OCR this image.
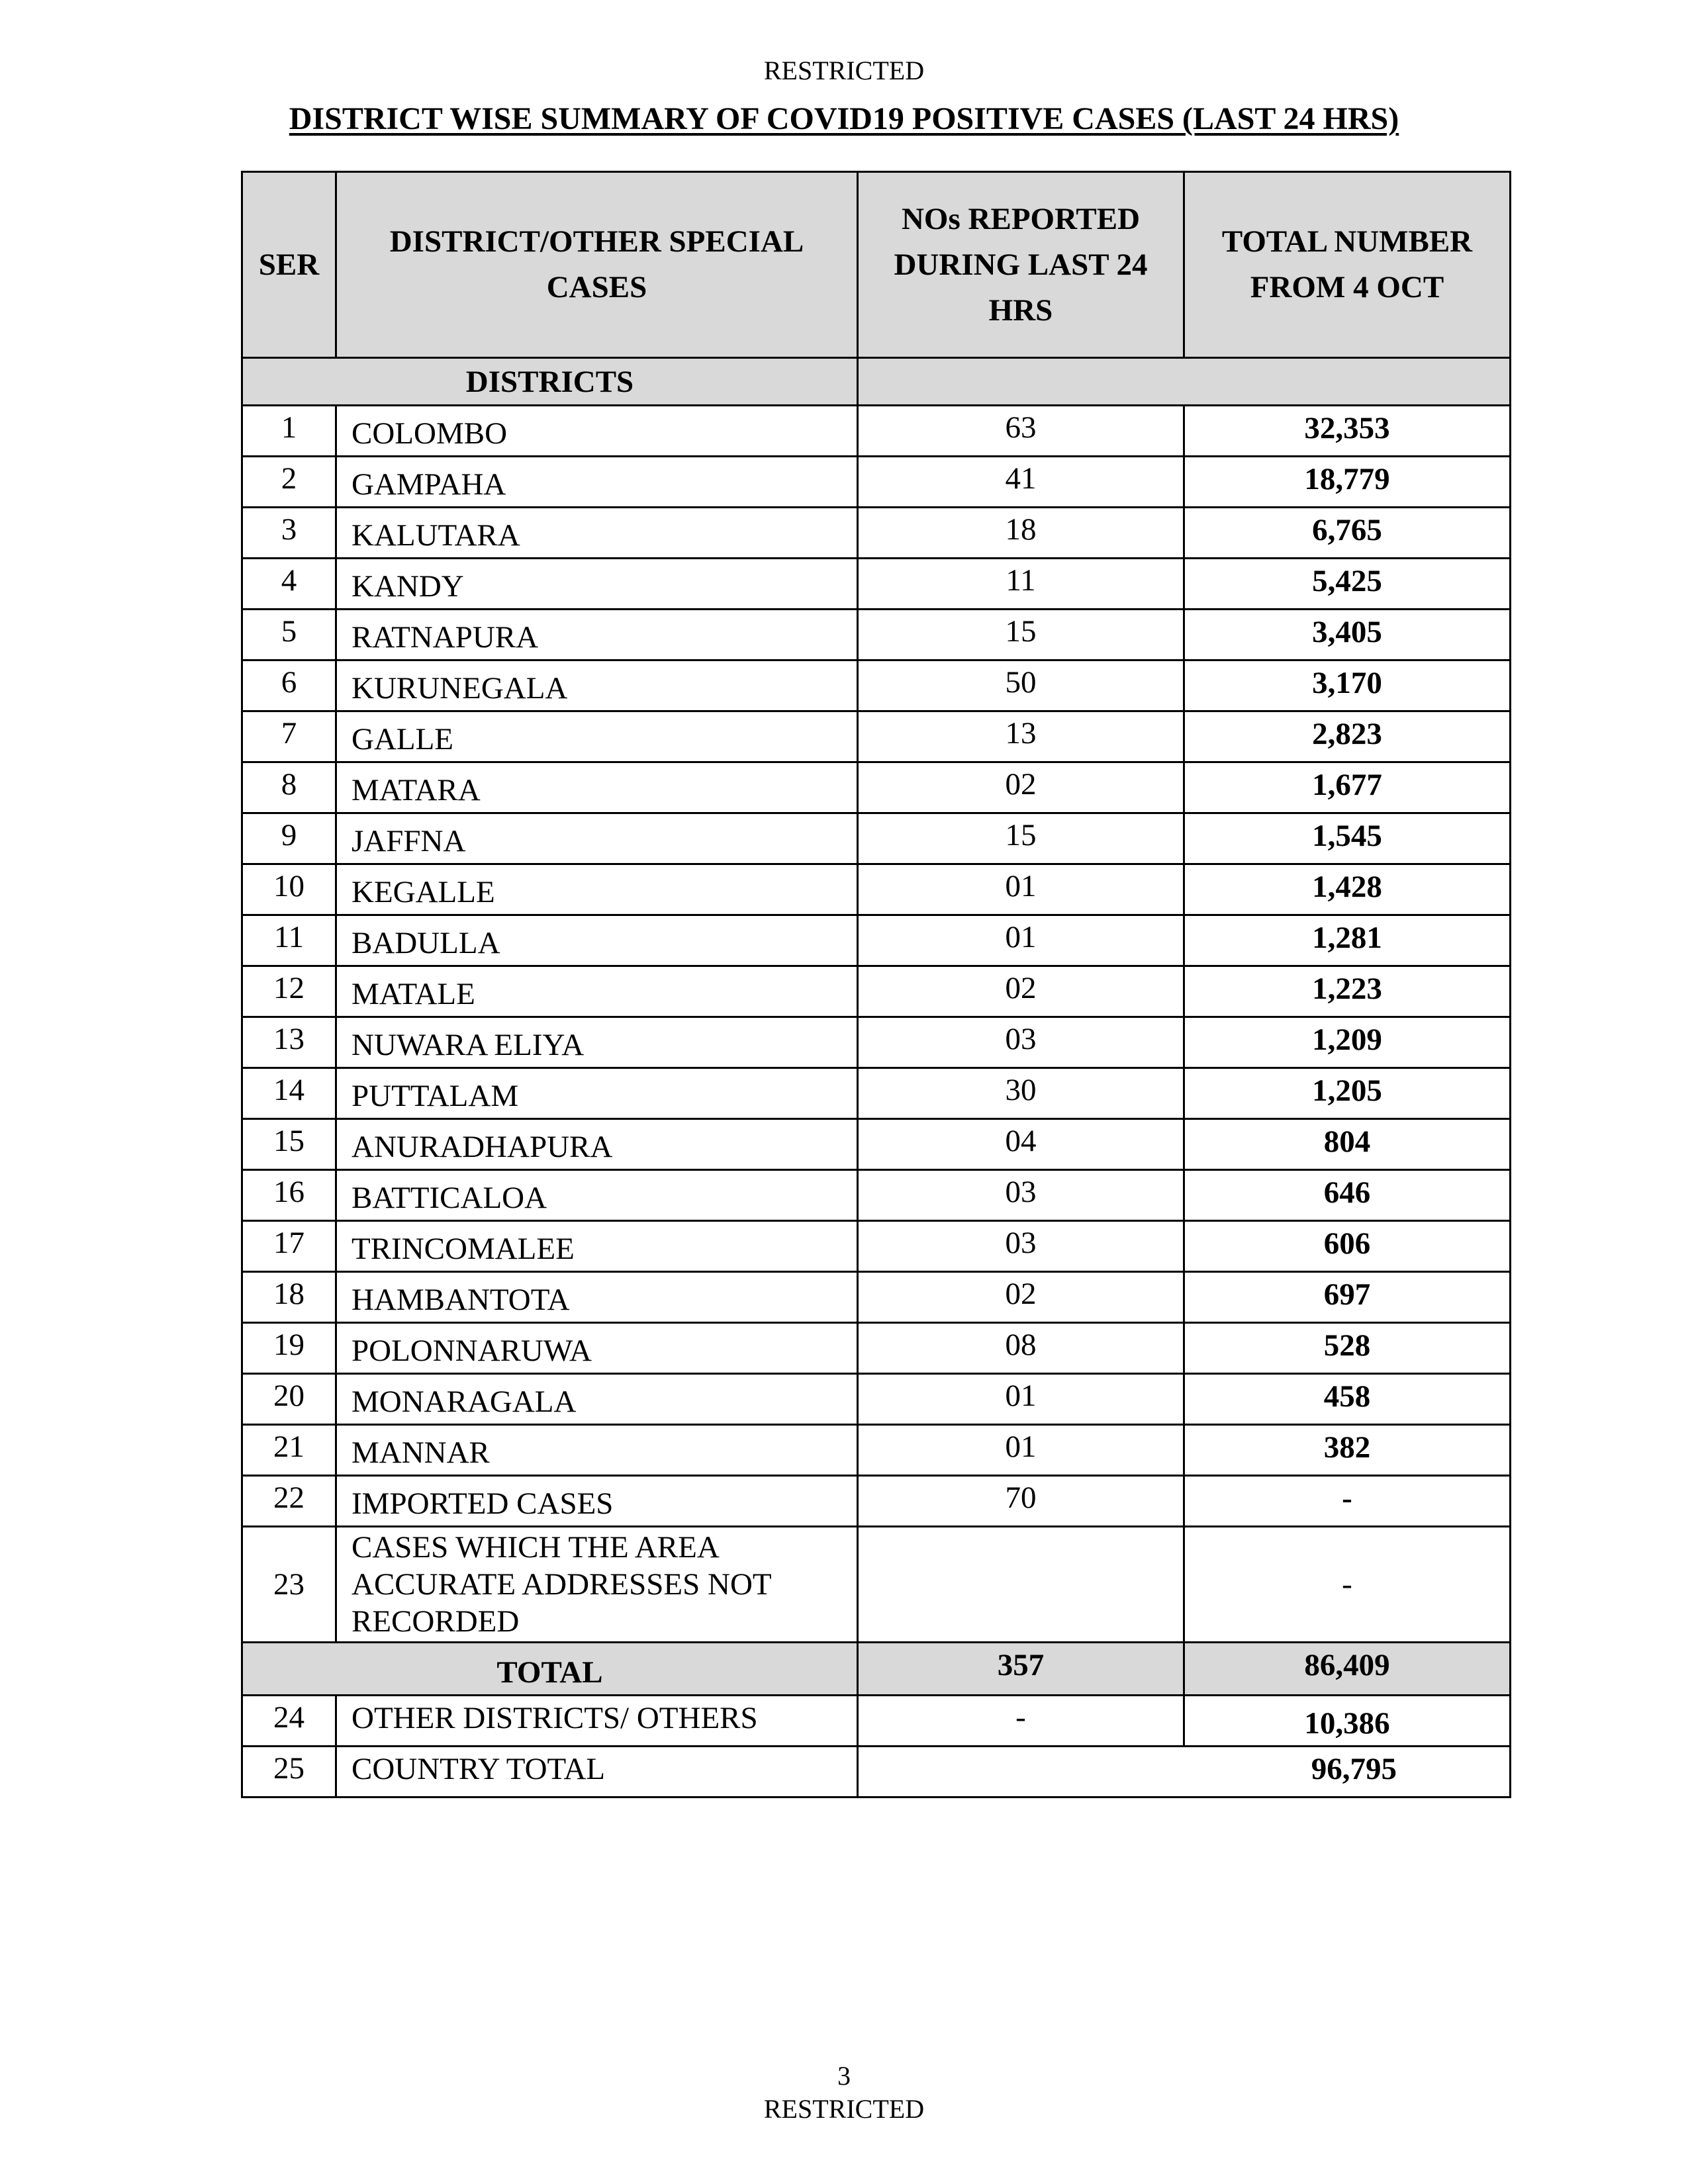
RESTRICTED
DISTRICT WISE SUMMARY OF COVID19 POSITIVE CASES (LAST 24 HRS)
SER	DISTRICT/OTHER SPECIAL CASES	NOs REPORTED DURING LAST 24 HRS	TOTAL NUMBER FROM 4 OCT
DISTRICTS			
1	COLOMBO	63	32,353
2	GAMPAHA	41	18,779
3	KALUTARA	18	6,765
4	KANDY	11	5,425
5	RATNAPURA	15	3,405
6	KURUNEGALA	50	3,170
7	GALLE	13	2,823
8	MATARA	02	1,677
9	JAFFNA	15	1,545
10	KEGALLE	01	1,428
11	BADULLA	01	1,281
12	MATALE	02	1,223
13	NUWARA ELIYA	03	1,209
14	PUTTALAM	30	1,205
15	ANURADHAPURA	04	804
16	BATTICALOA	03	646
17	TRINCOMALEE	03	606
18	HAMBANTOTA	02	697
19	POLONNARUWA	08	528
20	MONARAGALA	01	458
21	MANNAR	01	382
22	IMPORTED CASES	70	-
23	CASES WHICH THE AREA
ACCURATE ADDRESSES NOT
RECORDED		-
TOTAL		357	86,409
24	OTHER DISTRICTS/ OTHERS	-	10,386
25	COUNTRY TOTAL	96,795	
3
RESTRICTED
